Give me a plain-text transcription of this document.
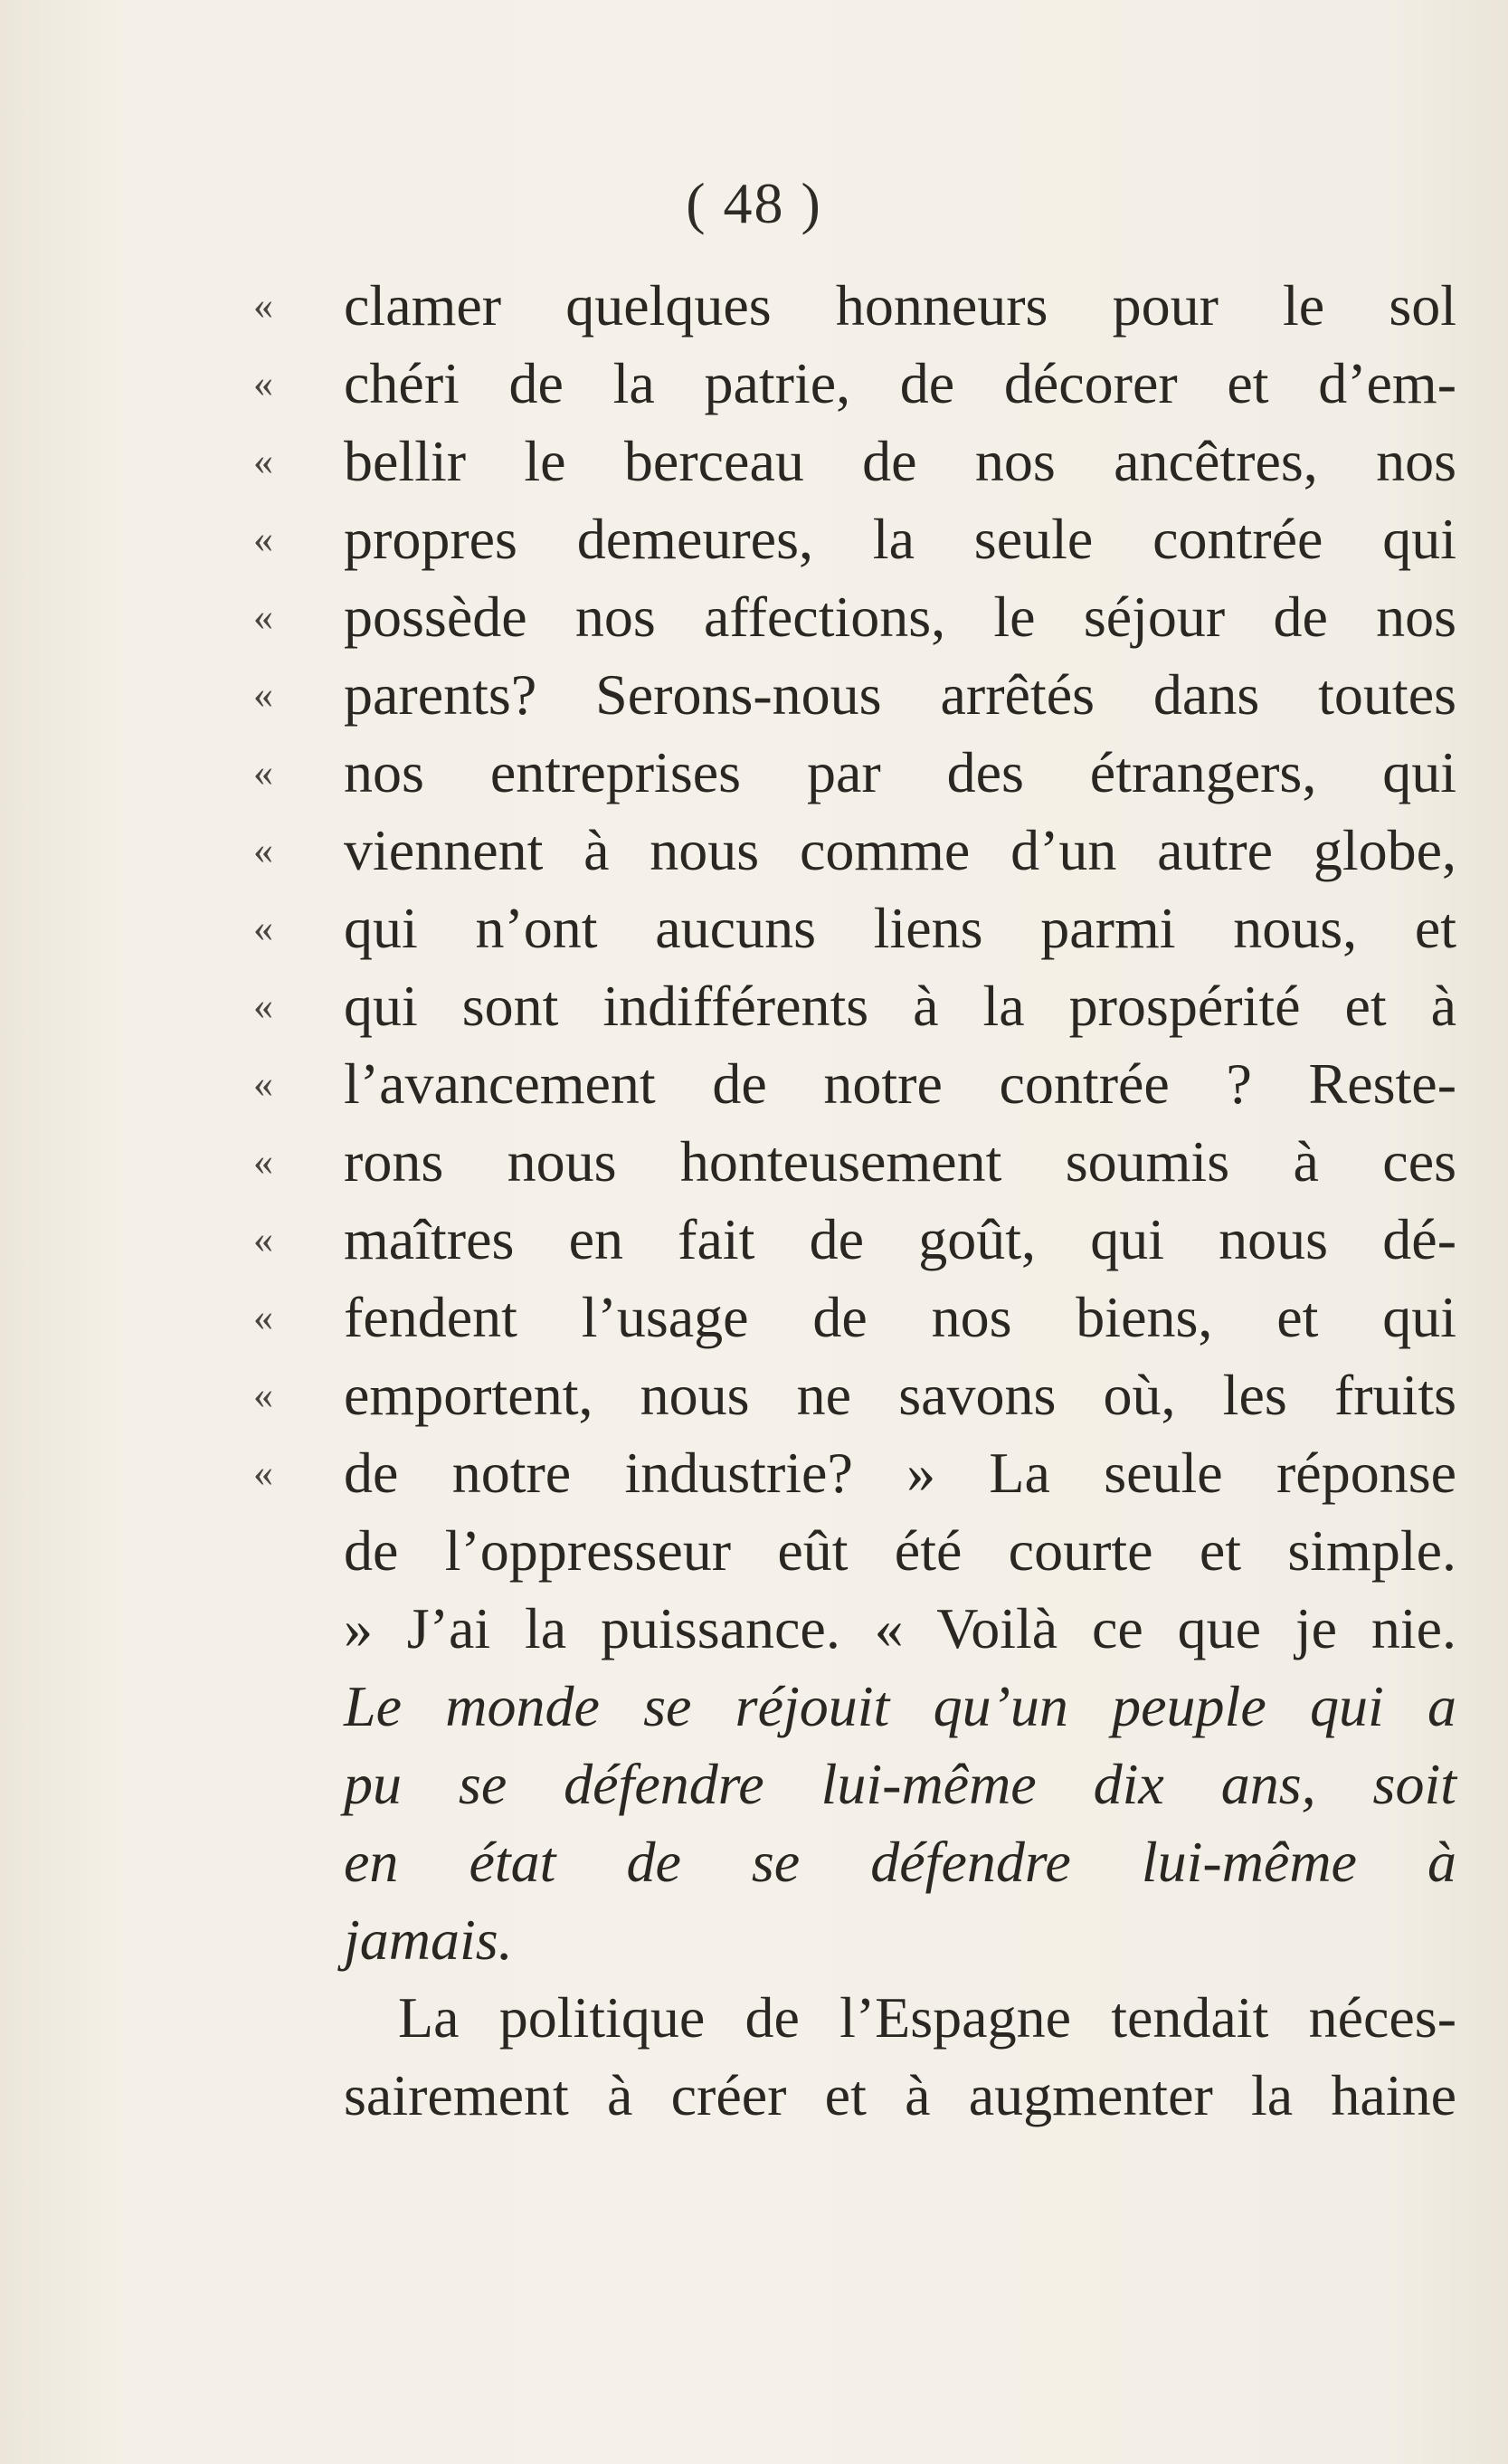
( 48 )
« clamer quelques honneurs pour le sol
« chéri de la patrie, de décorer et d’em-
« bellir le berceau de nos ancêtres, nos
« propres demeures, la seule contrée qui
« possède nos affections, le séjour de nos
« parents? Serons-nous arrêtés dans toutes
« nos entreprises par des étrangers, qui
« viennent à nous comme d’un autre globe,
« qui n’ont aucuns liens parmi nous, et
« qui sont indifférents à la prospérité et à
« l’avancement de notre contrée ? Reste-
« rons nous honteusement soumis à ces
« maîtres en fait de goût, qui nous dé-
« fendent l’usage de nos biens, et qui
« emportent, nous ne savons où, les fruits
« de notre industrie? » La seule réponse
de l’oppresseur eût été courte et simple.
» J’ai la puissance. « Voilà ce que je nie.
Le monde se réjouit qu’un peuple qui a
pu se défendre lui-même dix ans, soit
en état de se défendre lui-même à
jamais.
La politique de l’Espagne tendait néces-
sairement à créer et à augmenter la haine
